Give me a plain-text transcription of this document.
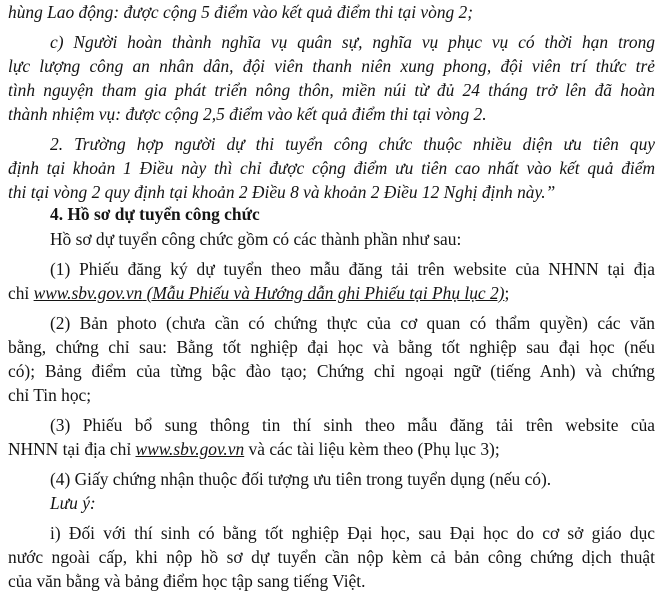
hùng Lao động: được cộng 5 điểm vào kết quả điểm thi tại vòng 2;

c) Người hoàn thành nghĩa vụ quân sự, nghĩa vụ phục vụ có thời hạn trong

lực lượng công an nhân dân, đội viên thanh niên xung phong, đội viên trí thức trẻ

tình nguyện tham gia phát triển nông thôn, miền núi từ đủ 24 tháng trở lên đã hoàn

thành nhiệm vụ: được cộng 2,5 điểm vào kết quả điểm thi tại vòng 2.

2. Trường hợp người dự thi tuyển công chức thuộc nhiều diện ưu tiên quy

định tại khoản 1 Điều này thì chỉ được cộng điểm ưu tiên cao nhất vào kết quả điểm

thi tại vòng 2 quy định tại khoản 2 Điều 8 và khoản 2 Điều 12 Nghị định này.”

4. Hồ sơ dự tuyển công chức

Hồ sơ dự tuyển công chức gồm có các thành phần như sau:

(1) Phiếu đăng ký dự tuyển theo mẫu đăng tải trên website của NHNN tại địa

chỉ www.sbv.gov.vn (Mẫu Phiếu và Hướng dẫn ghi Phiếu tại Phụ lục 2);

(2) Bản photo (chưa cần có chứng thực của cơ quan có thẩm quyền) các văn

bằng, chứng chỉ sau: Bằng tốt nghiệp đại học và bằng tốt nghiệp sau đại học (nếu

có); Bảng điểm của từng bậc đào tạo; Chứng chỉ ngoại ngữ (tiếng Anh) và chứng

chỉ Tin học;

(3) Phiếu bổ sung thông tin thí sinh theo mẫu đăng tải trên website của

NHNN tại địa chỉ www.sbv.gov.vn và các tài liệu kèm theo (Phụ lục 3);

(4) Giấy chứng nhận thuộc đối tượng ưu tiên trong tuyển dụng (nếu có).

Lưu ý:

i) Đối với thí sinh có bằng tốt nghiệp Đại học, sau Đại học do cơ sở giáo dục

nước ngoài cấp, khi nộp hồ sơ dự tuyển cần nộp kèm cả bản công chứng dịch thuật

của văn bằng và bảng điểm học tập sang tiếng Việt.
